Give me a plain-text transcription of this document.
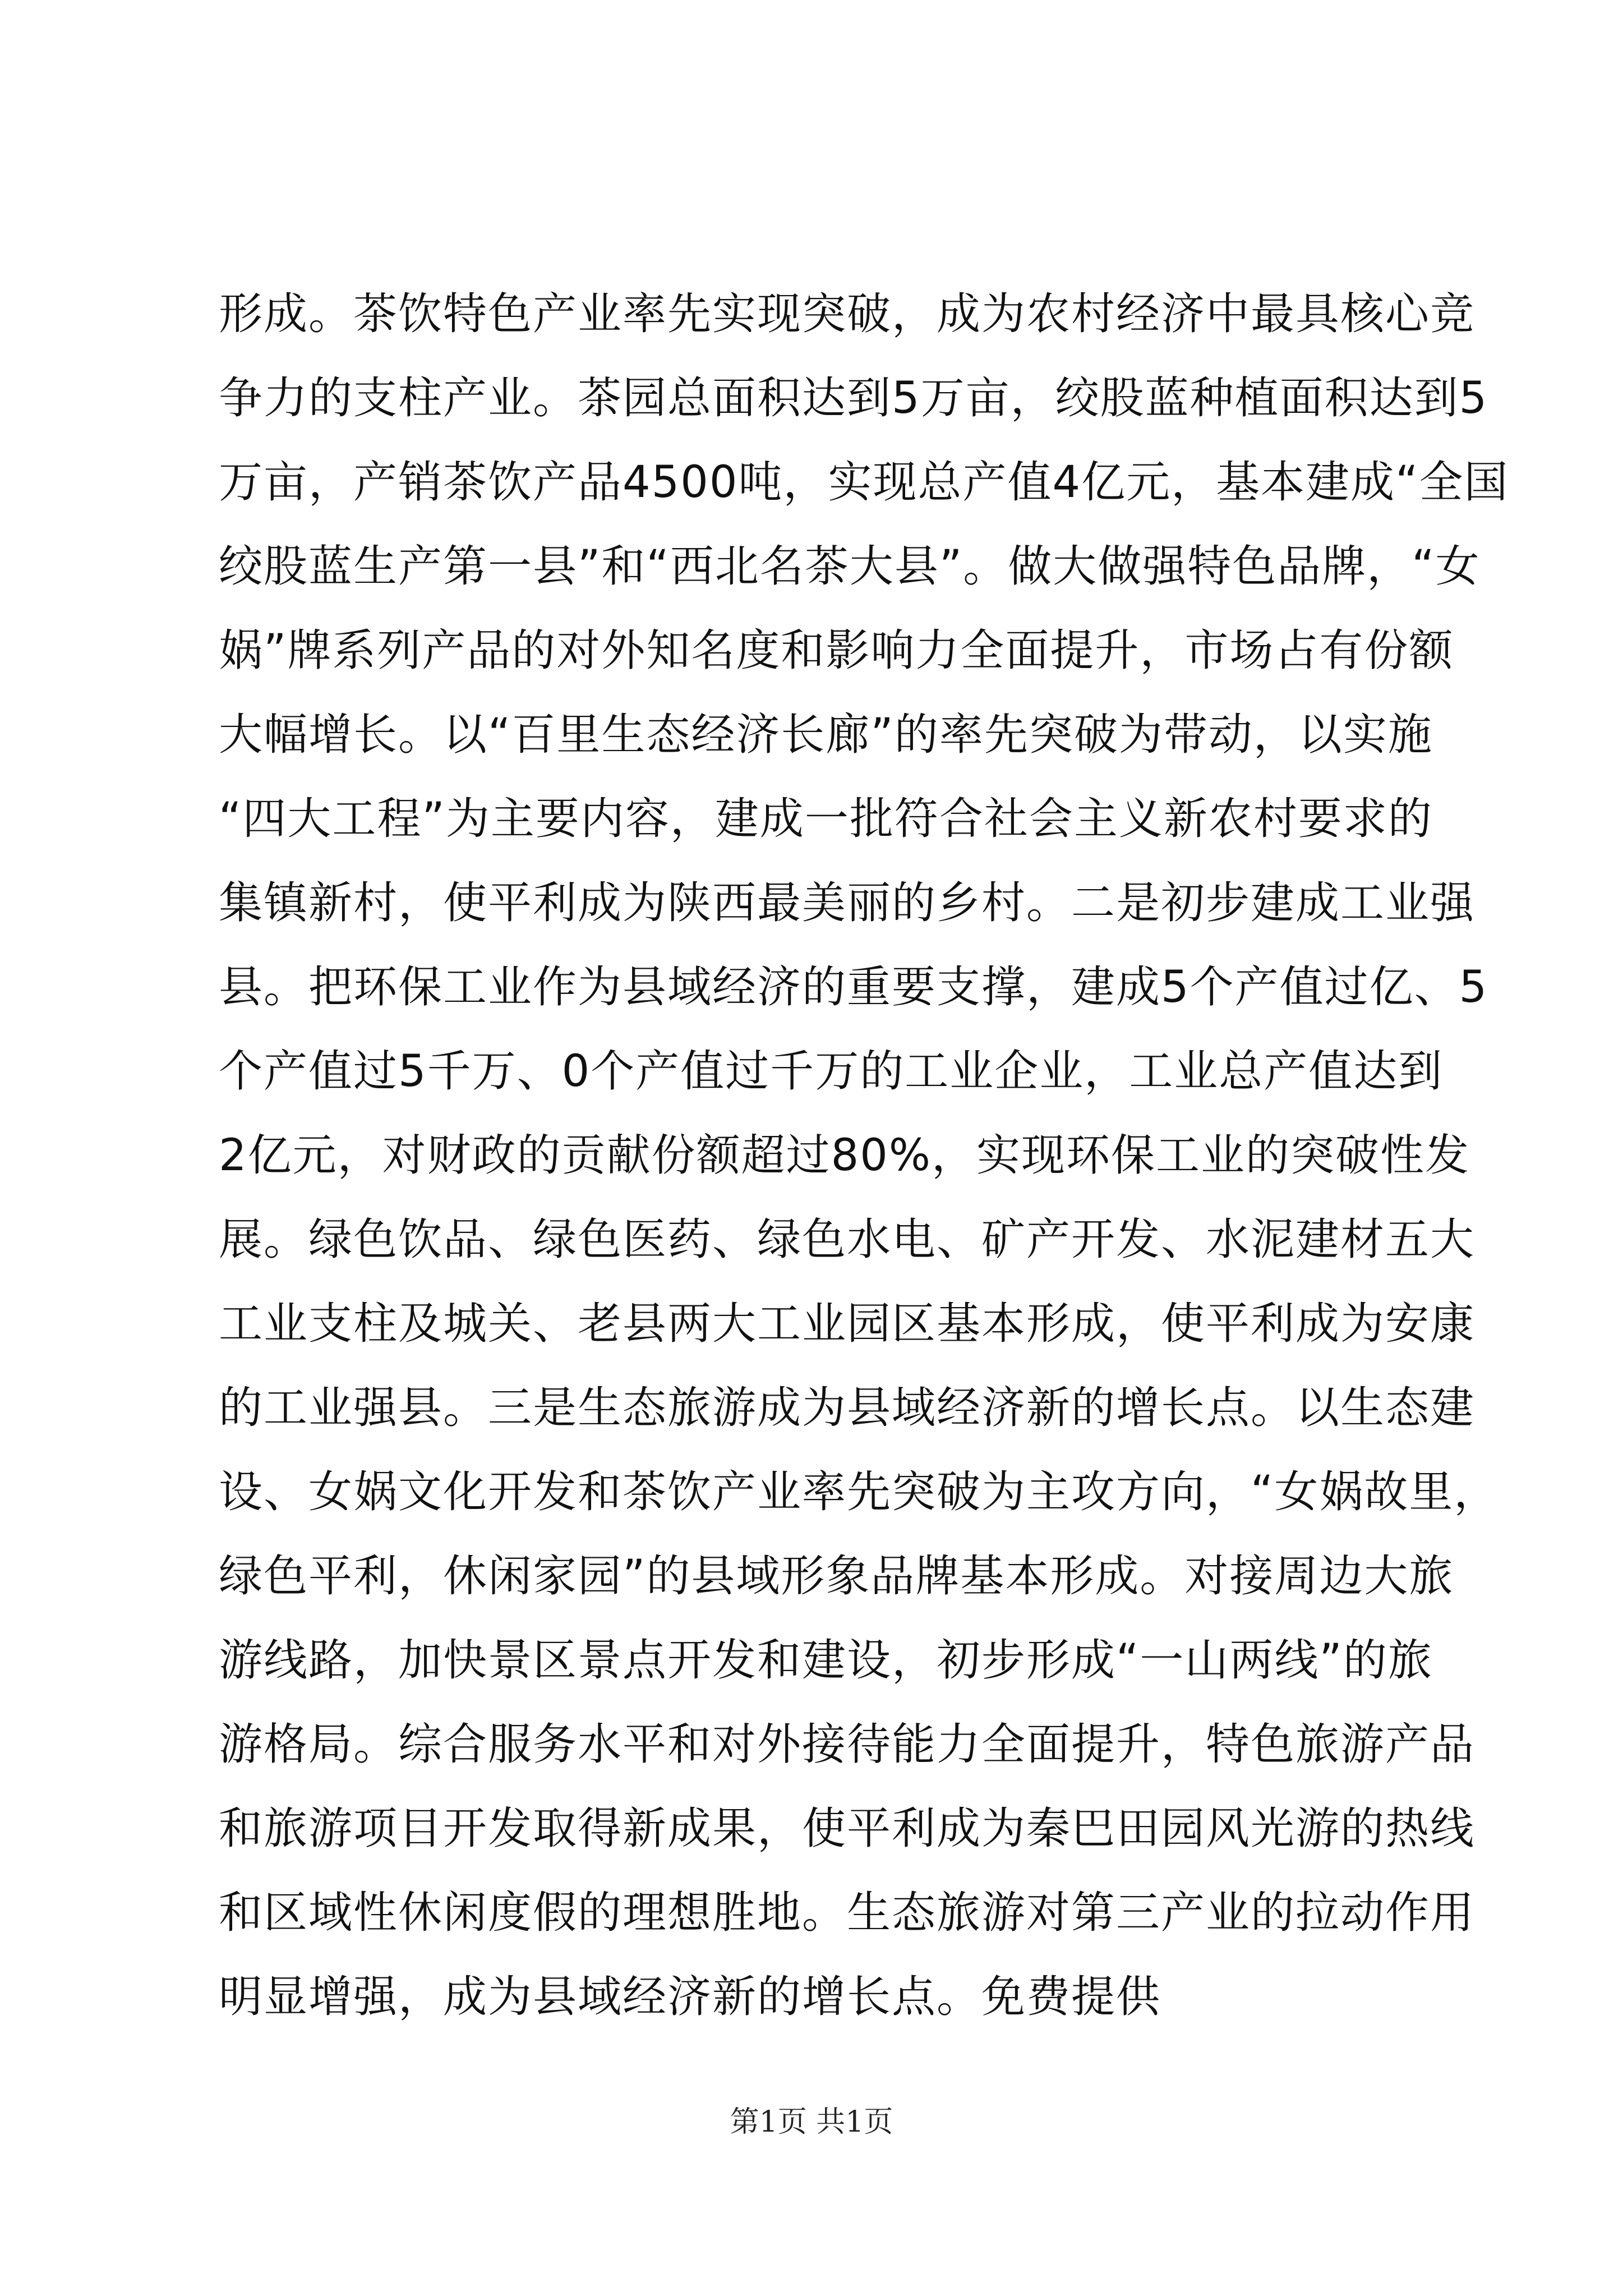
形成。茶饮特色产业率先实现突破，成为农村经济中最具核心竞
争力的支柱产业。茶园总面积达到5万亩，绞股蓝种植面积达到5
万亩，产销茶饮产品4500吨，实现总产值4亿元，基本建成“全国
绞股蓝生产第一县”和“西北名茶大县”。做大做强特色品牌，“女
娲”牌系列产品的对外知名度和影响力全面提升，市场占有份额
大幅增长。以“百里生态经济长廊”的率先突破为带动，以实施
“四大工程”为主要内容，建成一批符合社会主义新农村要求的
集镇新村，使平利成为陕西最美丽的乡村。二是初步建成工业强
县。把环保工业作为县域经济的重要支撑，建成5个产值过亿、5
个产值过5千万、0个产值过千万的工业企业，工业总产值达到
2亿元，对财政的贡献份额超过80%，实现环保工业的突破性发
展。绿色饮品、绿色医药、绿色水电、矿产开发、水泥建材五大
工业支柱及城关、老县两大工业园区基本形成，使平利成为安康
的工业强县。三是生态旅游成为县域经济新的增长点。以生态建
设、女娲文化开发和茶饮产业率先突破为主攻方向，“女娲故里，
绿色平利，休闲家园”的县域形象品牌基本形成。对接周边大旅
游线路，加快景区景点开发和建设，初步形成“一山两线”的旅
游格局。综合服务水平和对外接待能力全面提升，特色旅游产品
和旅游项目开发取得新成果，使平利成为秦巴田园风光游的热线
和区域性休闲度假的理想胜地。生态旅游对第三产业的拉动作用
明显增强，成为县域经济新的增长点。免费提供
第1页 共1页
